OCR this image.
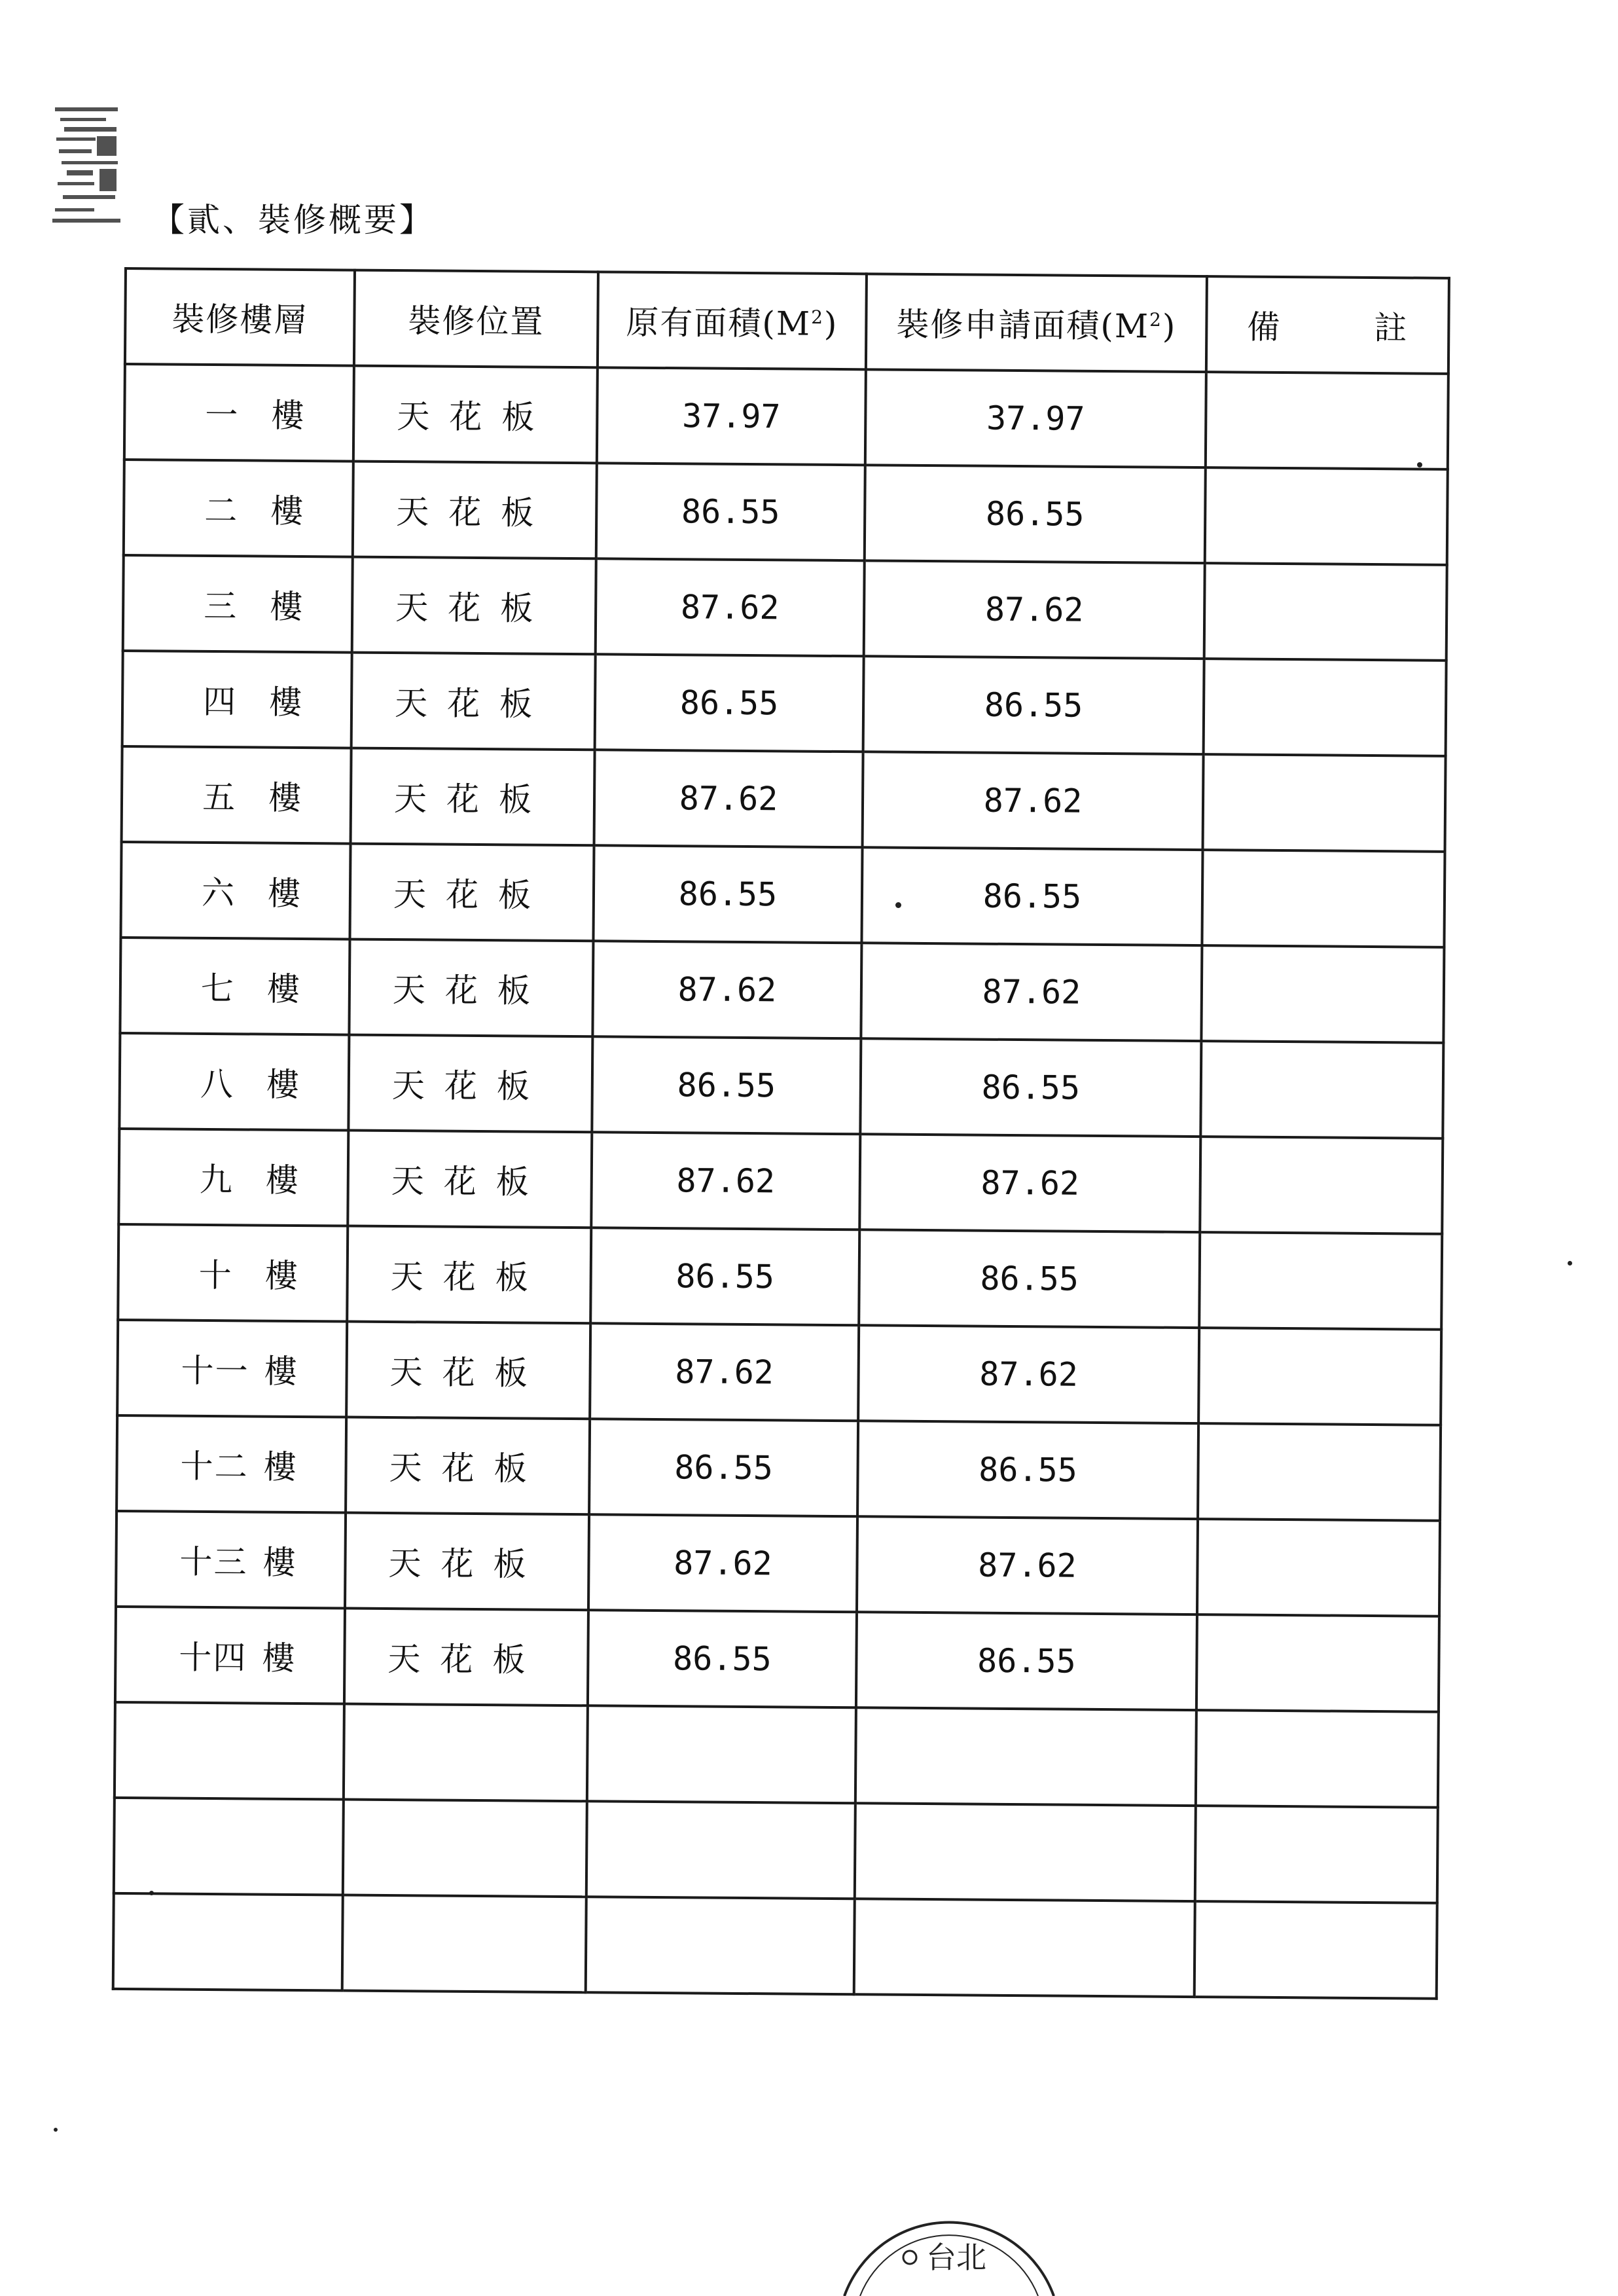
【貳、裝修概要】
裝修樓層	裝修位置	原有面積$(M^2)$	裝修申請面積$(M^2)$	備 註

一 樓	天花板	37.97	37.97	
二 樓	天花板	86.55	86.55	
三 樓	天花板	87.62	87.62	
四 樓	天花板	86.55	86.55	
五 樓	天花板	87.62	87.62	
六 樓	天花板	86.55	86.55	
七 樓	天花板	87.62	87.62	
八 樓	天花板	86.55	86.55	
九 樓	天花板	87.62	87.62	
十 樓	天花板	86.55	86.55	
十一 樓	天花板	87.62	87.62	
十二 樓	天花板	86.55	86.55	
十三 樓	天花板	87.62	87.62	
十四 樓	天花板	86.55	86.55	

台北
